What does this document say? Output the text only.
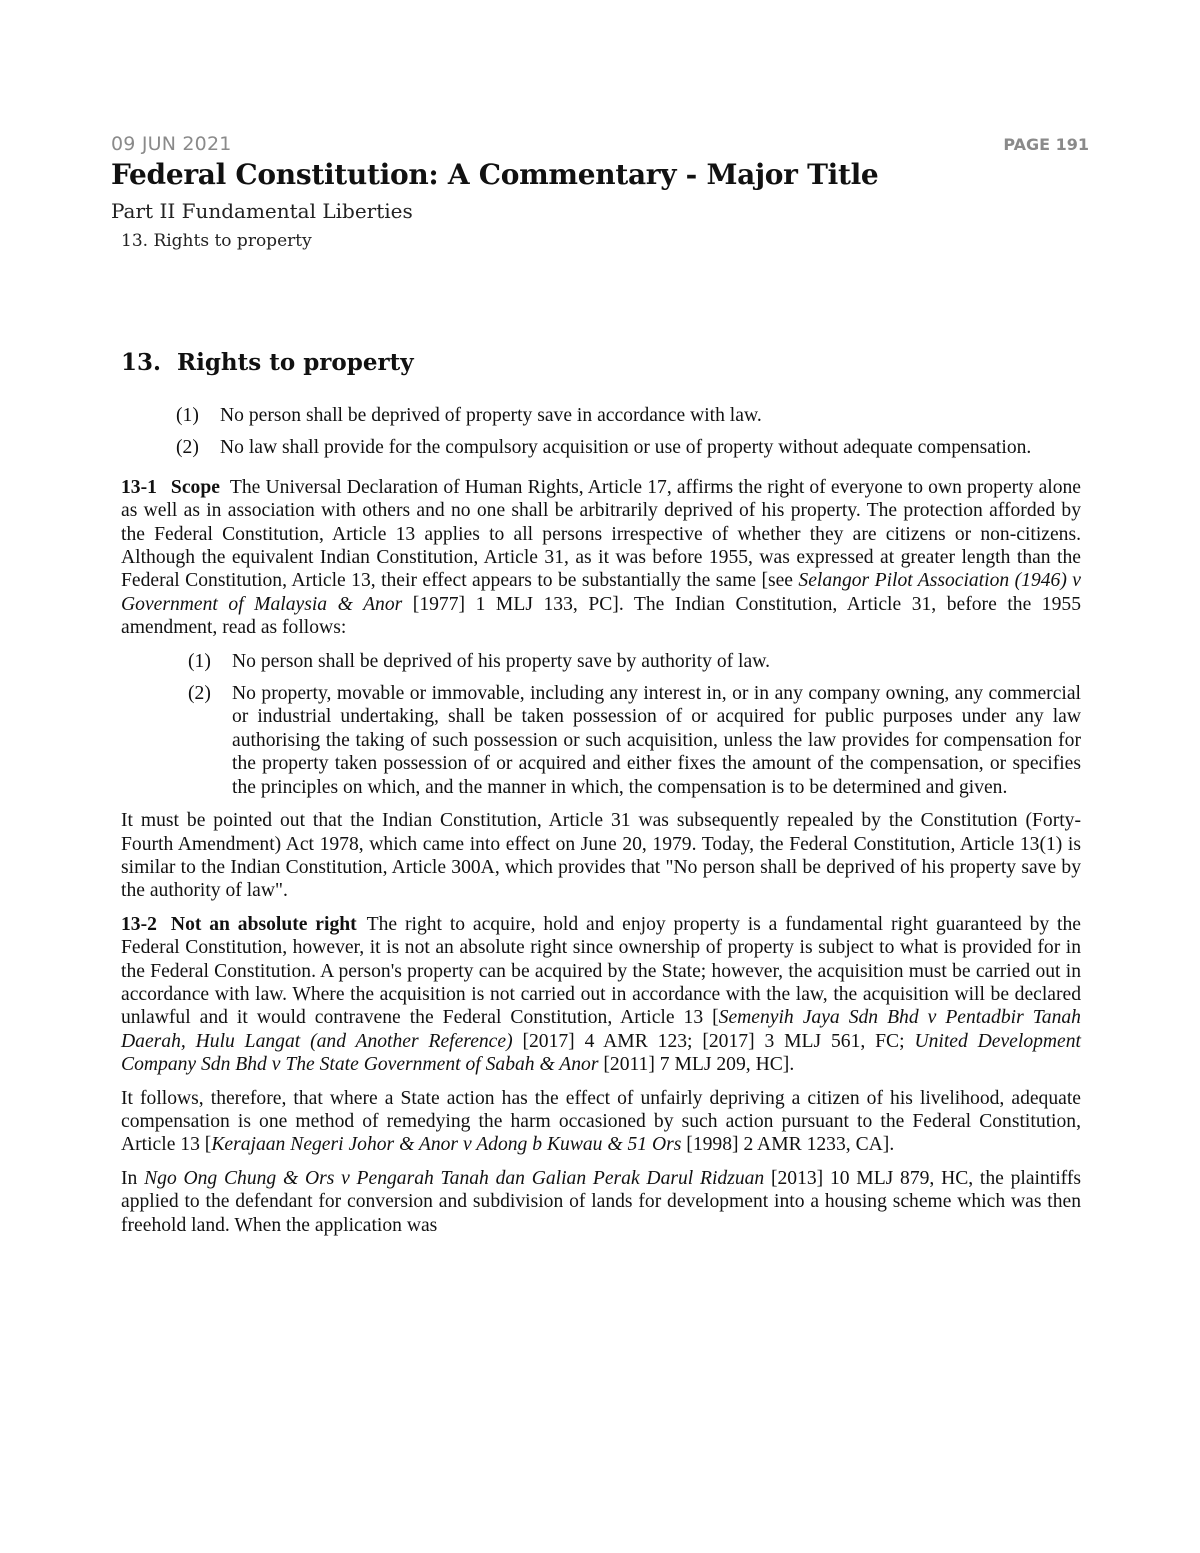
09 JUN 2021	PAGE 191
Federal Constitution: A Commentary - Major Title
Part II Fundamental Liberties
13. Rights to property
13. Rights to property
(1)	No person shall be deprived of property save in accordance with law.
(2)	No law shall provide for the compulsory acquisition or use of property without adequate compensation.

13-1 Scope The Universal Declaration of Human Rights, Article 17, affirms the right of everyone to own property alone as well as in association with others and no one shall be arbitrarily deprived of his property. The protection afforded by the Federal Constitution, Article 13 applies to all persons irrespective of whether they are citizens or non-citizens. Although the equivalent Indian Constitution, Article 31, as it was before 1955, was expressed at greater length than the Federal Constitution, Article 13, their effect appears to be substantially the same [see Selangor Pilot Association (1946) v Government of Malaysia & Anor [1977] 1 MLJ 133, PC]. The Indian Constitution, Article 31, before the 1955 amendment, read as follows:

(1)	No person shall be deprived of his property save by authority of law.
(2)	No property, movable or immovable, including any interest in, or in any company owning, any commercial or industrial undertaking, shall be taken possession of or acquired for public purposes under any law authorising the taking of such possession or such acquisition, unless the law provides for compensation for the property taken possession of or acquired and either fixes the amount of the compensation, or specifies the principles on which, and the manner in which, the compensation is to be determined and given.

It must be pointed out that the Indian Constitution, Article 31 was subsequently repealed by the Constitution (Forty-Fourth Amendment) Act 1978, which came into effect on June 20, 1979. Today, the Federal Constitution, Article 13(1) is similar to the Indian Constitution, Article 300A, which provides that "No person shall be deprived of his property save by the authority of law".

13-2 Not an absolute right The right to acquire, hold and enjoy property is a fundamental right guaranteed by the Federal Constitution, however, it is not an absolute right since ownership of property is subject to what is provided for in the Federal Constitution. A person's property can be acquired by the State; however, the acquisition must be carried out in accordance with law. Where the acquisition is not carried out in accordance with the law, the acquisition will be declared unlawful and it would contravene the Federal Constitution, Article 13 [Semenyih Jaya Sdn Bhd v Pentadbir Tanah Daerah, Hulu Langat (and Another Reference) [2017] 4 AMR 123; [2017] 3 MLJ 561, FC; United Development Company Sdn Bhd v The State Government of Sabah & Anor [2011] 7 MLJ 209, HC].

It follows, therefore, that where a State action has the effect of unfairly depriving a citizen of his livelihood, adequate compensation is one method of remedying the harm occasioned by such action pursuant to the Federal Constitution, Article 13 [Kerajaan Negeri Johor & Anor v Adong b Kuwau & 51 Ors [1998] 2 AMR 1233, CA].

In Ngo Ong Chung & Ors v Pengarah Tanah dan Galian Perak Darul Ridzuan [2013] 10 MLJ 879, HC, the plaintiffs applied to the defendant for conversion and subdivision of lands for development into a housing scheme which was then freehold land. When the application was
